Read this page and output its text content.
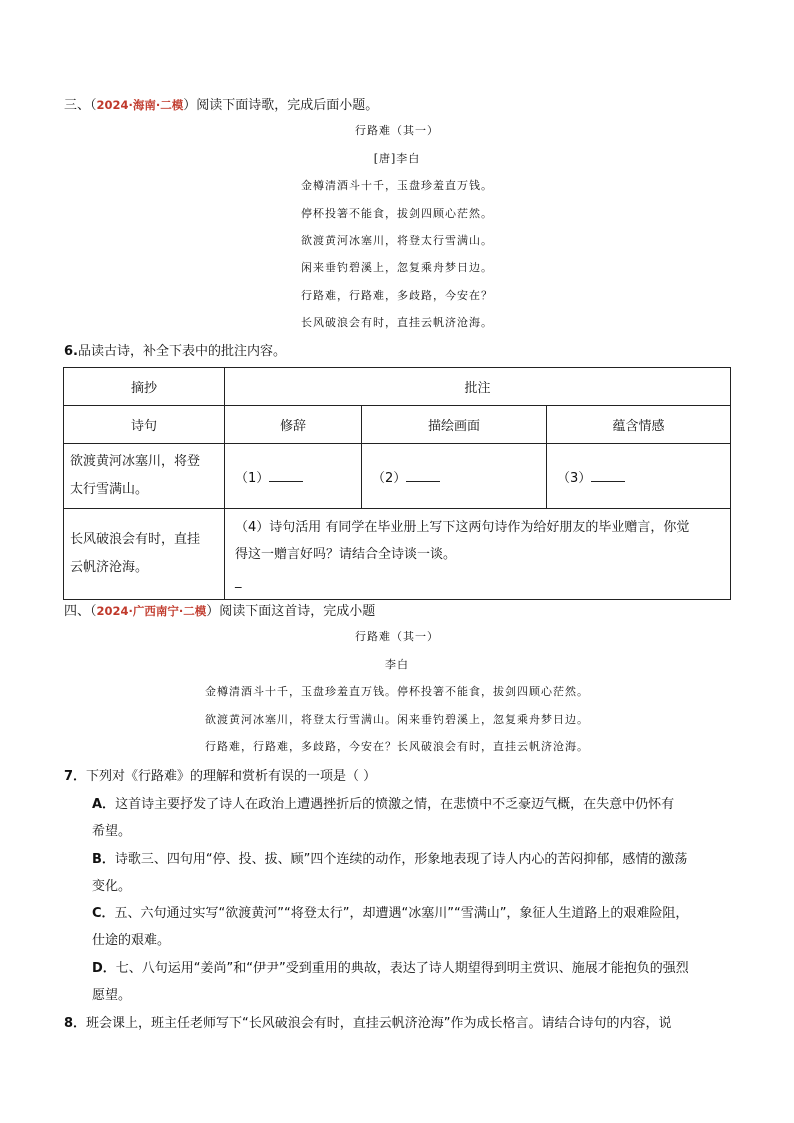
三、（2024·海南·二模）阅读下面诗歌，完成后面小题。
行路难（其一）
[唐]李白
金樽清酒斗十千，玉盘珍羞直万钱。
停杯投箸不能食，拔剑四顾心茫然。
欲渡黄河冰塞川，将登太行雪满山。
闲来垂钓碧溪上，忽复乘舟梦日边。
行路难，行路难，多歧路，今安在？
长风破浪会有时，直挂云帆济沧海。
6.品读古诗，补全下表中的批注内容。
摘抄	批注		
诗句	修辞	描绘画面	蕴含情感
欲渡黄河冰塞川，将登
太行雪满山。	（1）	（2）	（3）
长风破浪会有时，直挂
云帆济沧海。	（4）诗句活用 有同学在毕业册上写下这两句诗作为给好朋友的毕业赠言，你觉
得这一赠言好吗？请结合全诗谈一谈。
_		
四、（2024·广西南宁·二模）阅读下面这首诗，完成小题
行路难（其一）
李白
金樽清酒斗十千，玉盘珍羞直万钱。停杯投箸不能食，拔剑四顾心茫然。
欲渡黄河冰塞川，将登太行雪满山。闲来垂钓碧溪上，忽复乘舟梦日边。
行路难，行路难，多歧路，今安在？长风破浪会有时，直挂云帆济沧海。
7．下列对《行路难》的理解和赏析有误的一项是（ ）
A．这首诗主要抒发了诗人在政治上遭遇挫折后的愤激之情，在悲愤中不乏豪迈气概，在失意中仍怀有
希望。
B．诗歌三、四句用“停、投、拔、顾”四个连续的动作，形象地表现了诗人内心的苦闷抑郁，感情的激荡
变化。
C．五、六句通过实写“欲渡黄河”“将登太行”，却遭遇“冰塞川”“雪满山”，象征人生道路上的艰难险阻，
仕途的艰难。
D．七、八句运用“姜尚”和“伊尹”受到重用的典故，表达了诗人期望得到明主赏识、施展才能抱负的强烈
愿望。
8．班会课上，班主任老师写下“长风破浪会有时，直挂云帆济沧海”作为成长格言。请结合诗句的内容，说
